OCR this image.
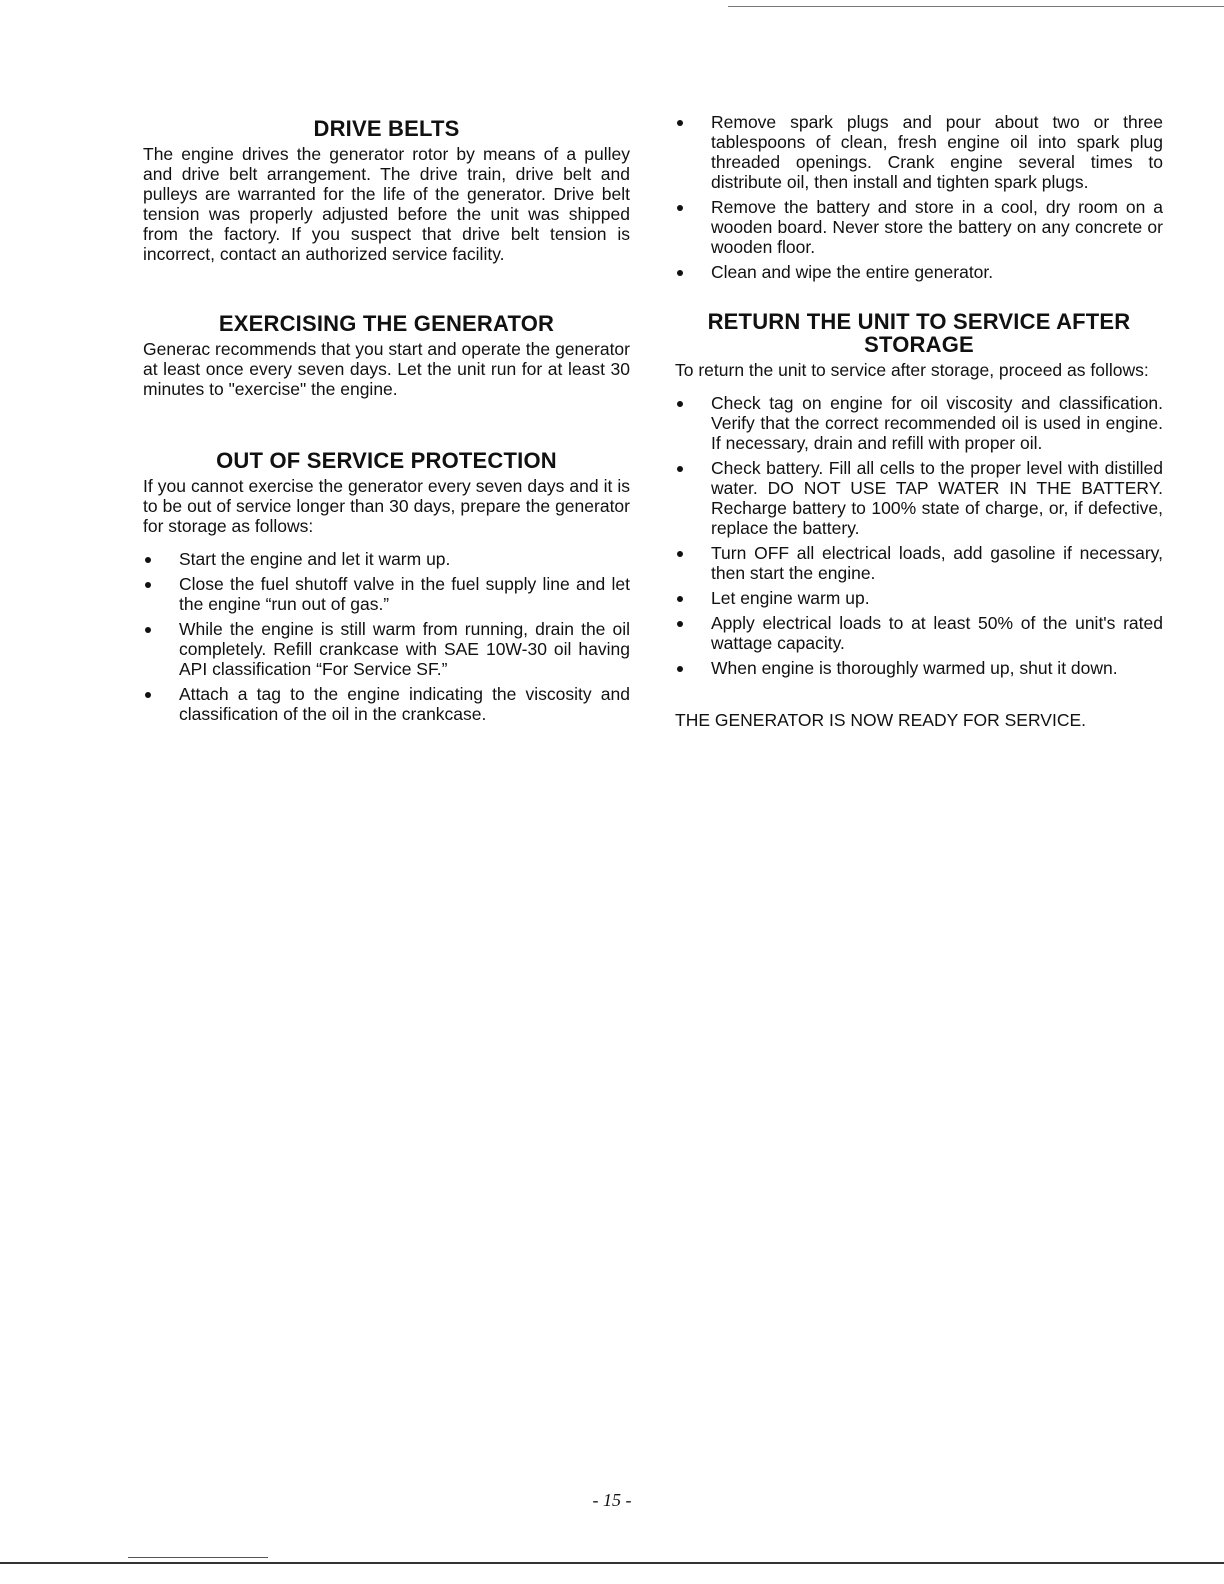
DRIVE BELTS

The engine drives the generator rotor by means of a pulley and drive belt arrangement. The drive train, drive belt and pulleys are warranted for the life of the generator. Drive belt tension was properly adjusted before the unit was shipped from the factory. If you suspect that drive belt tension is incorrect, contact an authorized service facility.

EXERCISING THE GENERATOR

Generac recommends that you start and operate the generator at least once every seven days. Let the unit run for at least 30 minutes to "exercise" the engine.

OUT OF SERVICE PROTECTION

If you cannot exercise the generator every seven days and it is to be out of service longer than 30 days, prepare the generator for storage as follows:

Start the engine and let it warm up.
Close the fuel shutoff valve in the fuel supply line and let the engine “run out of gas.”
While the engine is still warm from running, drain the oil completely. Refill crankcase with SAE 10W-30 oil having API classification “For Service SF.”
Attach a tag to the engine indicating the viscosity and classification of the oil in the crankcase.
Remove spark plugs and pour about two or three tablespoons of clean, fresh engine oil into spark plug threaded openings. Crank engine several times to distribute oil, then install and tighten spark plugs.
Remove the battery and store in a cool, dry room on a wooden board. Never store the battery on any concrete or wooden floor.
Clean and wipe the entire generator.
RETURN THE UNIT TO SERVICE AFTER
STORAGE

To return the unit to service after storage, proceed as follows:

Check tag on engine for oil viscosity and classification. Verify that the correct recommended oil is used in engine. If necessary, drain and refill with proper oil.
Check battery. Fill all cells to the proper level with distilled water. DO NOT USE TAP WATER IN THE BATTERY. Recharge battery to 100% state of charge, or, if defective, replace the battery.
Turn OFF all electrical loads, add gasoline if necessary, then start the engine.
Let engine warm up.
Apply electrical loads to at least 50% of the unit's rated wattage capacity.
When engine is thoroughly warmed up, shut it down.
THE GENERATOR IS NOW READY FOR SERVICE.
- 15 -
